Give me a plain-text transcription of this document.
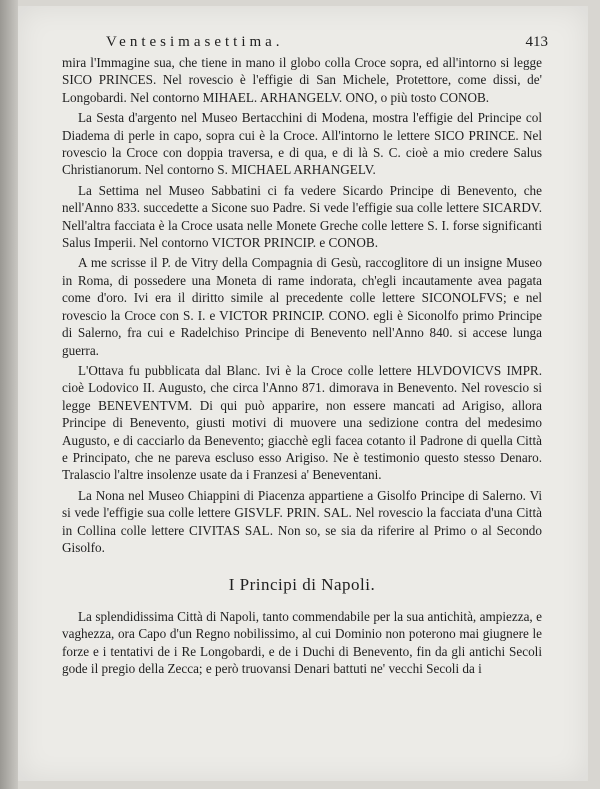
Ventesimasettima.	413

mira l'Immagine sua, che tiene in mano il globo colla Croce sopra, ed all'intorno si legge SICO PRINCES. Nel rovescio è l'effigie di San Michele, Protettore, come dissi, de' Longobardi. Nel contorno MIHAEL. ARHANGELV. ONO, o più tosto CONOB.

La Sesta d'argento nel Museo Bertacchini di Modena, mostra l'effigie del Principe col Diadema di perle in capo, sopra cui è la Croce. All'intorno le lettere SICO PRINCE. Nel rovescio la Croce con doppia traversa, e di qua, e di là S. C. cioè a mio credere Salus Christianorum. Nel contorno S. MICHAEL ARHANGELV.

La Settima nel Museo Sabbatini ci fa vedere Sicardo Principe di Benevento, che nell'Anno 833. succedette a Sicone suo Padre. Si vede l'effigie sua colle lettere SICARDV. Nell'altra facciata è la Croce usata nelle Monete Greche colle lettere S. I. forse significanti Salus Imperii. Nel contorno VICTOR PRINCIP. e CONOB.

A me scrisse il P. de Vitry della Compagnia di Gesù, raccoglitore di un insigne Museo in Roma, di possedere una Moneta di rame indorata, ch'egli incautamente avea pagata come d'oro. Ivi era il diritto simile al precedente colle lettere SICONOLFVS; e nel rovescio la Croce con S. I. e VICTOR PRINCIP. CONO. egli è Siconolfo primo Principe di Salerno, fra cui e Radelchiso Principe di Benevento nell'Anno 840. si accese lunga guerra.

L'Ottava fu pubblicata dal Blanc. Ivi è la Croce colle lettere HLVDOVICVS IMPR. cioè Lodovico II. Augusto, che circa l'Anno 871. dimorava in Benevento. Nel rovescio si legge BENEVENTVM. Di qui può apparire, non essere mancati ad Arigiso, allora Principe di Benevento, giusti motivi di muovere una sedizione contra del medesimo Augusto, e di cacciarlo da Benevento; giacchè egli facea cotanto il Padrone di quella Città e Principato, che ne pareva escluso esso Arigiso. Ne è testimonio questo stesso Denaro. Tralascio l'altre insolenze usate da i Franzesi a' Beneventani.

La Nona nel Museo Chiappini di Piacenza appartiene a Gisolfo Principe di Salerno. Vi si vede l'effigie sua colle lettere GISVLF. PRIN. SAL. Nel rovescio la facciata d'una Città in Collina colle lettere CIVITAS SAL. Non so, se sia da riferire al Primo o al Secondo Gisolfo.

I Principi di Napoli.

La splendidissima Città di Napoli, tanto commendabile per la sua antichità, ampiezza, e vaghezza, ora Capo d'un Regno nobilissimo, al cui Dominio non poterono mai giugnere le forze e i tentativi de i Re Longobardi, e de i Duchi di Benevento, fin da gli antichi Secoli gode il pregio della Zecca; e però truovansi Denari battuti ne' vecchi Secoli da i
